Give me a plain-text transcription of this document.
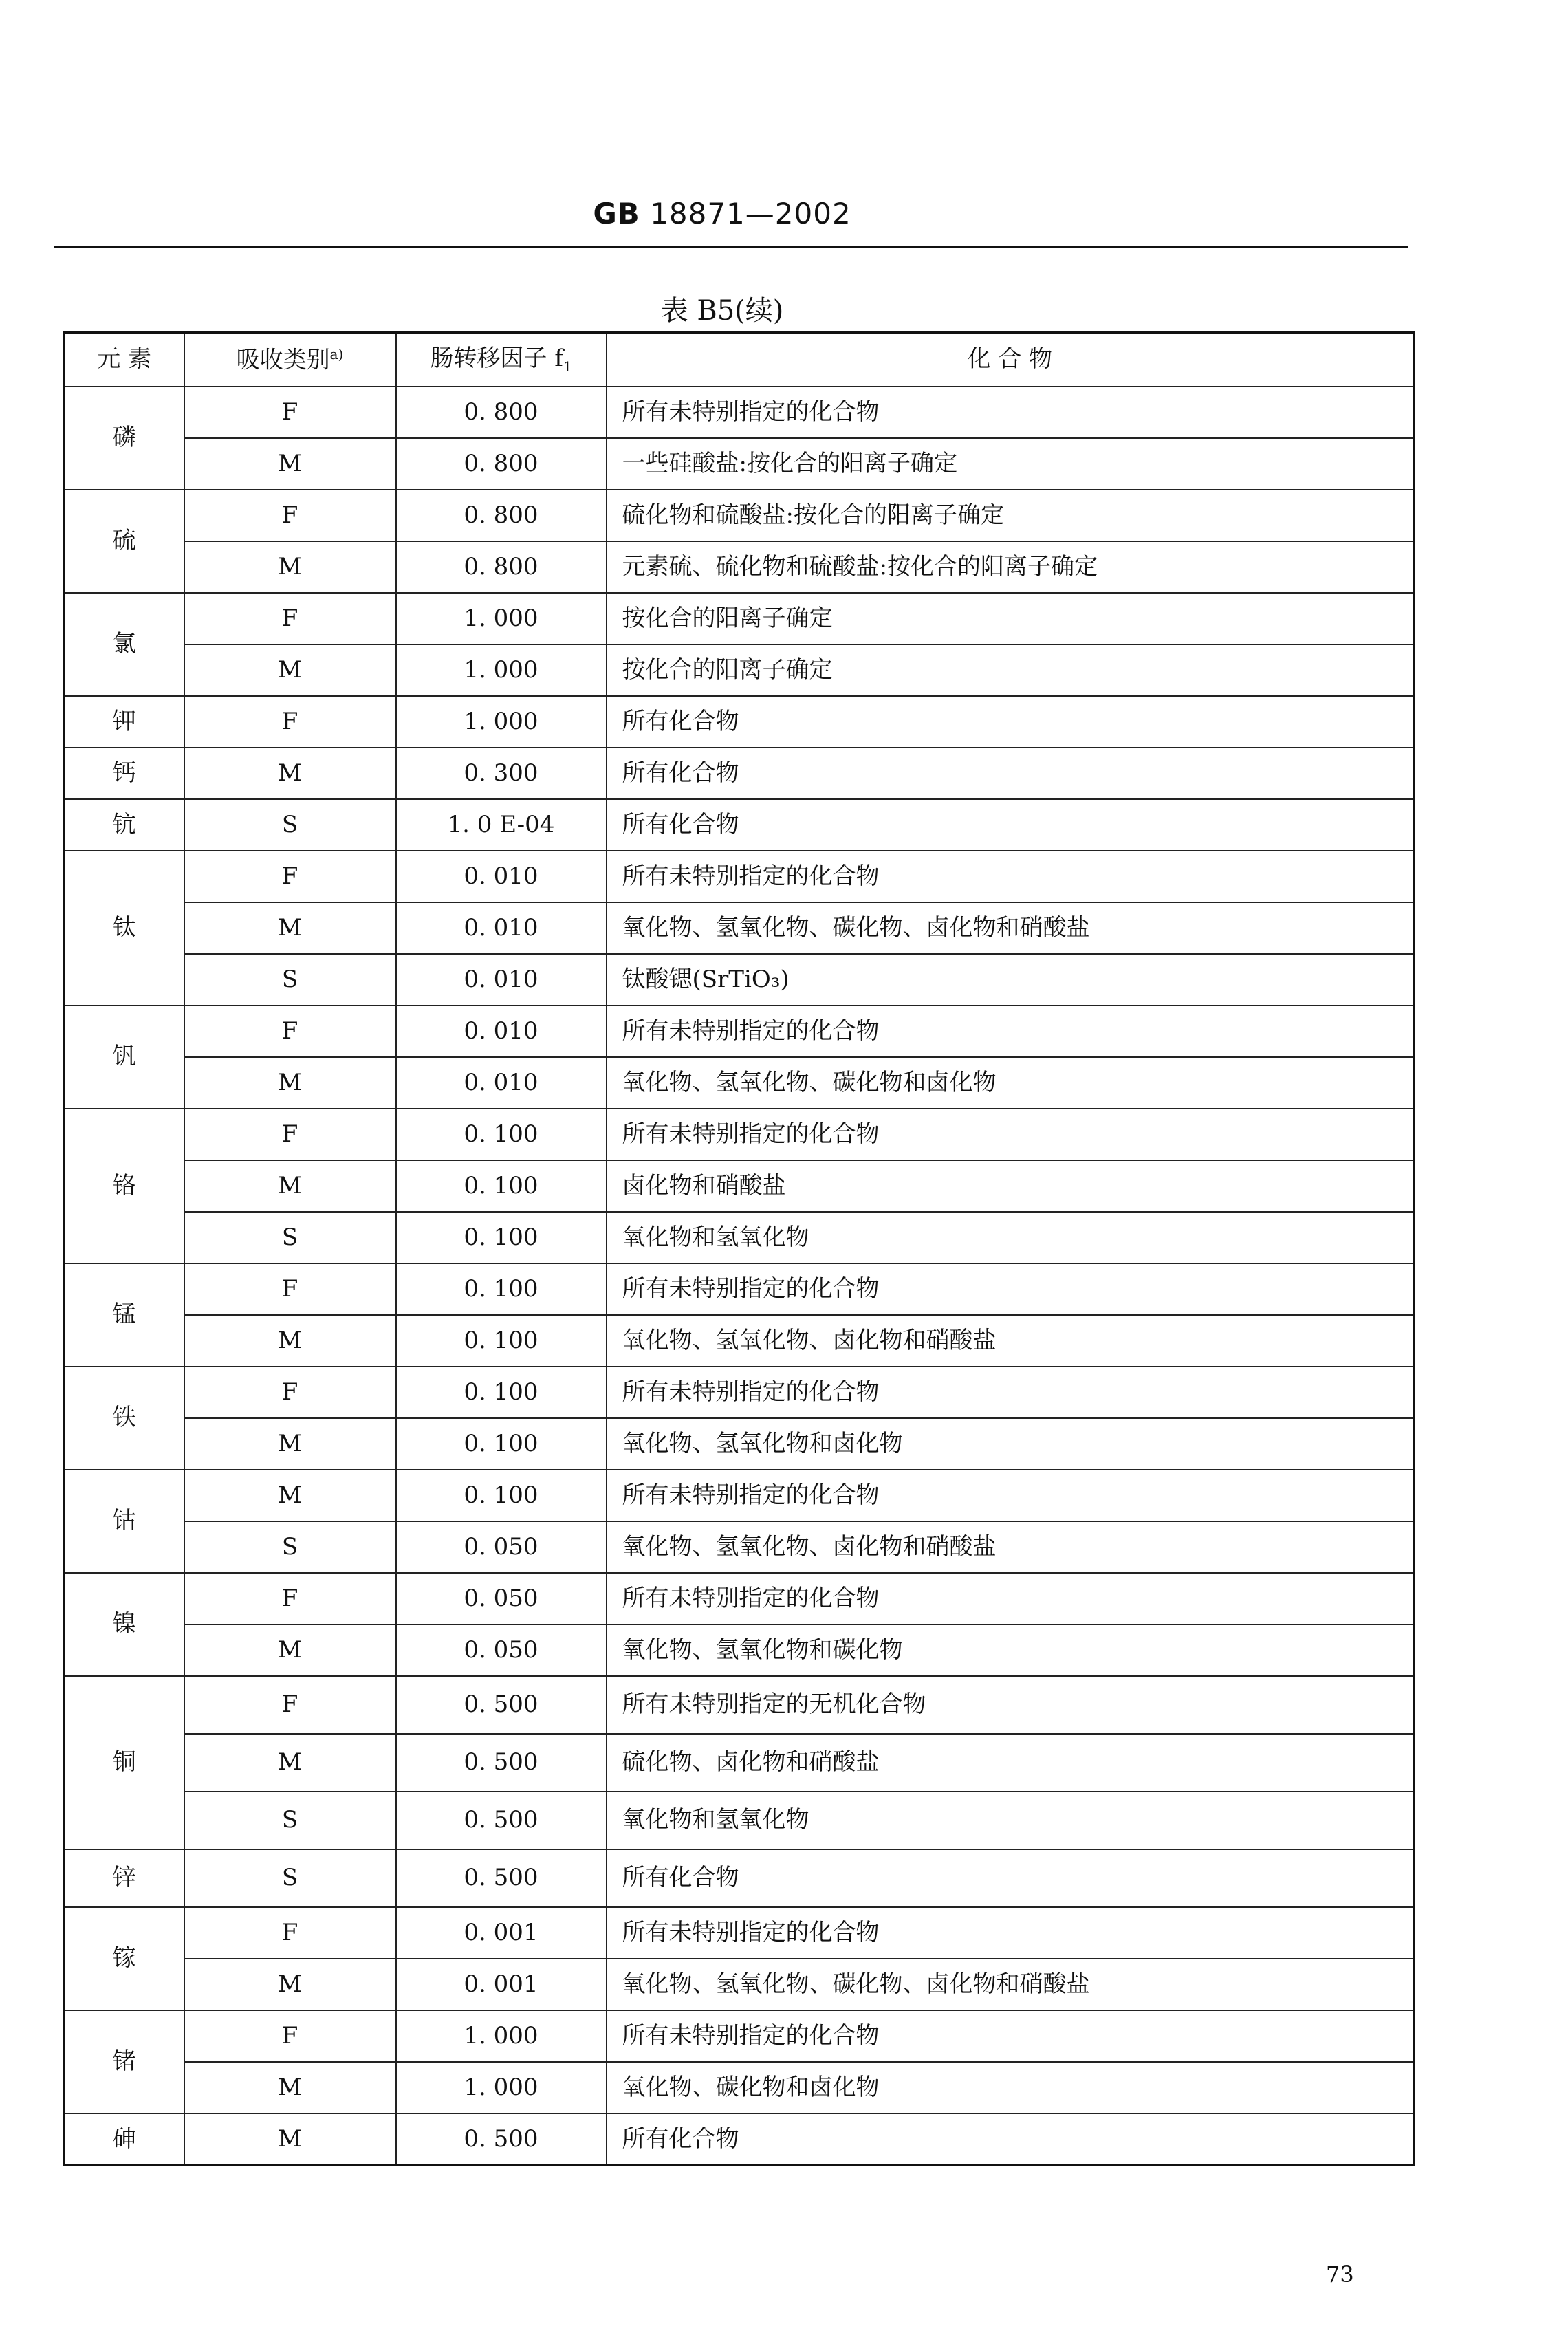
GB 18871—2002
表 B5(续)
元 素	吸收类别$^{a)}$	肠转移因子 $f_1$	化 合 物
磷	F	0. 800	所有未特别指定的化合物
	M	0. 800	一些硅酸盐:按化合的阳离子确定
硫	F	0. 800	硫化物和硫酸盐:按化合的阳离子确定
	M	0. 800	元素硫、硫化物和硫酸盐:按化合的阳离子确定
氯	F	1. 000	按化合的阳离子确定
	M	1. 000	按化合的阳离子确定
钾	F	1. 000	所有化合物
钙	M	0. 300	所有化合物
钪	S	1. 0 E-04	所有化合物
钛	F	0. 010	所有未特别指定的化合物
	M	0. 010	氧化物、氢氧化物、碳化物、卤化物和硝酸盐
	S	0. 010	钛酸锶(SrTiO₃)
钒	F	0. 010	所有未特别指定的化合物
	M	0. 010	氧化物、氢氧化物、碳化物和卤化物
铬	F	0. 100	所有未特别指定的化合物
	M	0. 100	卤化物和硝酸盐
	S	0. 100	氧化物和氢氧化物
锰	F	0. 100	所有未特别指定的化合物
	M	0. 100	氧化物、氢氧化物、卤化物和硝酸盐
铁	F	0. 100	所有未特别指定的化合物
	M	0. 100	氧化物、氢氧化物和卤化物
钴	M	0. 100	所有未特别指定的化合物
	S	0. 050	氧化物、氢氧化物、卤化物和硝酸盐
镍	F	0. 050	所有未特别指定的化合物
	M	0. 050	氧化物、氢氧化物和碳化物
铜	F	0. 500	所有未特别指定的无机化合物
	M	0. 500	硫化物、卤化物和硝酸盐
	S	0. 500	氧化物和氢氧化物
锌	S	0. 500	所有化合物
镓	F	0. 001	所有未特别指定的化合物
	M	0. 001	氧化物、氢氧化物、碳化物、卤化物和硝酸盐
锗	F	1. 000	所有未特别指定的化合物
	M	1. 000	氧化物、碳化物和卤化物
砷	M	0. 500	所有化合物
73
